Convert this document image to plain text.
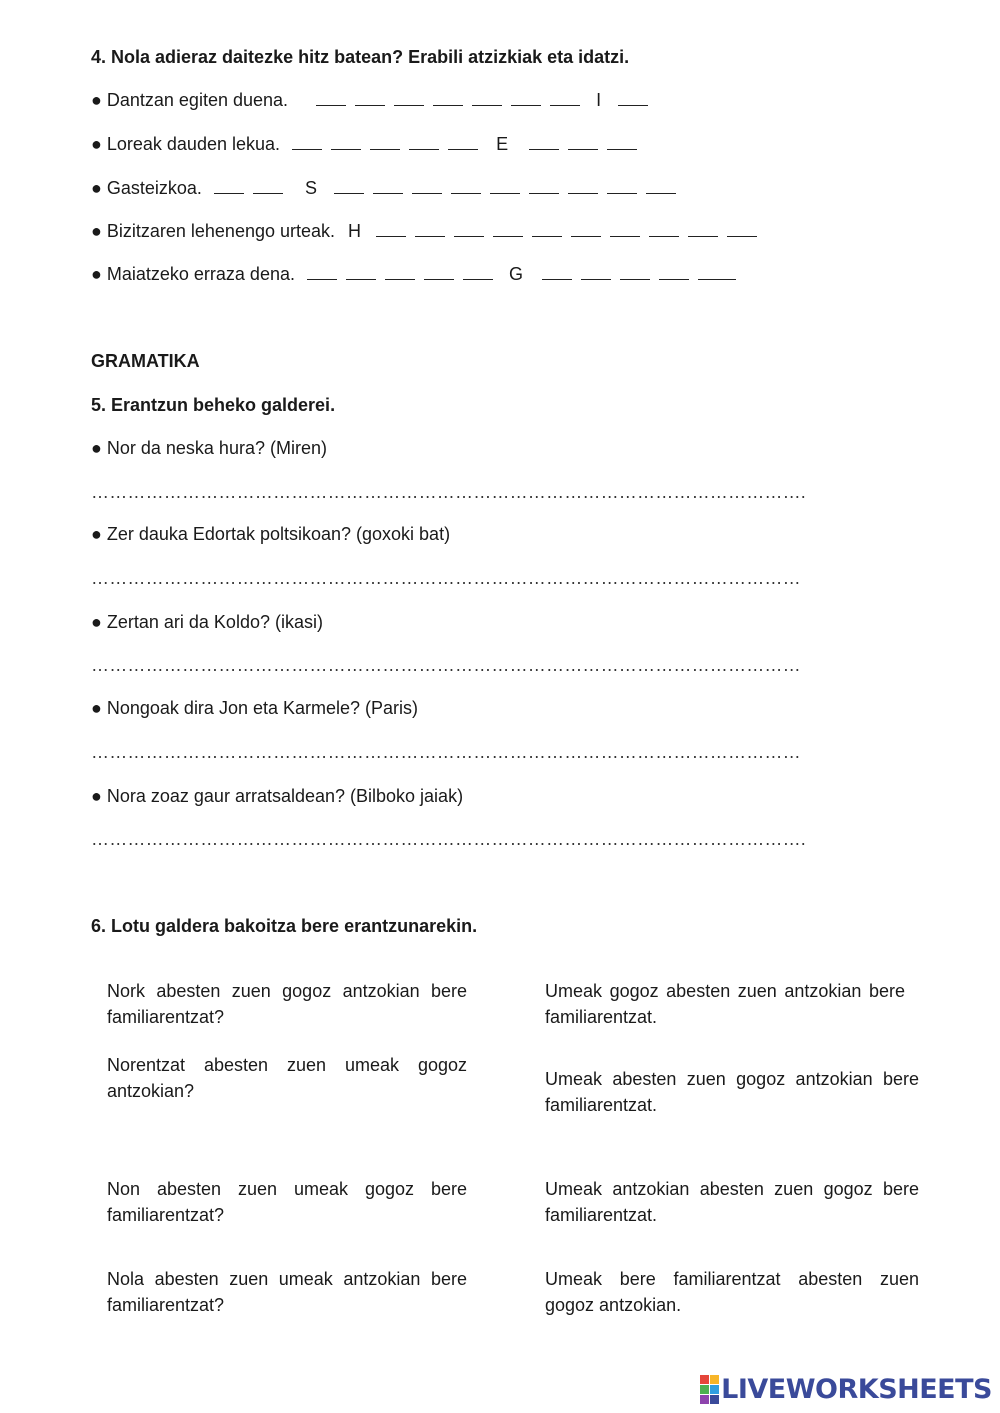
4. Nola adieraz daitezke hitz batean? Erabili atzizkiak eta idatzi.
● Dantzan egiten duena.	I
● Loreak dauden lekua.	E
● Gasteizkoa.	S
● Bizitzaren lehenengo urteak. H
● Maiatzeko erraza dena.	G
GRAMATIKA
5. Erantzun beheko galderei.
● Nor da neska hura? (Miren)
……………………………………………………………………………………………………….
● Zer dauka Edortak poltsikoan? (goxoki bat)
………………………………………………………………………………………………………
● Zertan ari da Koldo? (ikasi)
………………………………………………………………………………………………………
● Nongoak dira Jon eta Karmele? (Paris)
………………………………………………………………………………………………………
● Nora zoaz gaur arratsaldean? (Bilboko jaiak)
……………………………………………………………………………………………………….
6. Lotu galdera bakoitza bere erantzunarekin.
Nork abesten zuen gogoz antzokian bere familiarentzat?
Norentzat abesten zuen umeak gogoz antzokian?
Non abesten zuen umeak gogoz bere familiarentzat?
Nola abesten zuen umeak antzokian bere familiarentzat?
Umeak gogoz abesten zuen antzokian bere familiarentzat.
Umeak abesten zuen gogoz antzokian bere familiarentzat.
Umeak antzokian abesten zuen gogoz bere familiarentzat.
Umeak bere familiarentzat abesten zuen gogoz antzokian.
LIVEWORKSHEETS
